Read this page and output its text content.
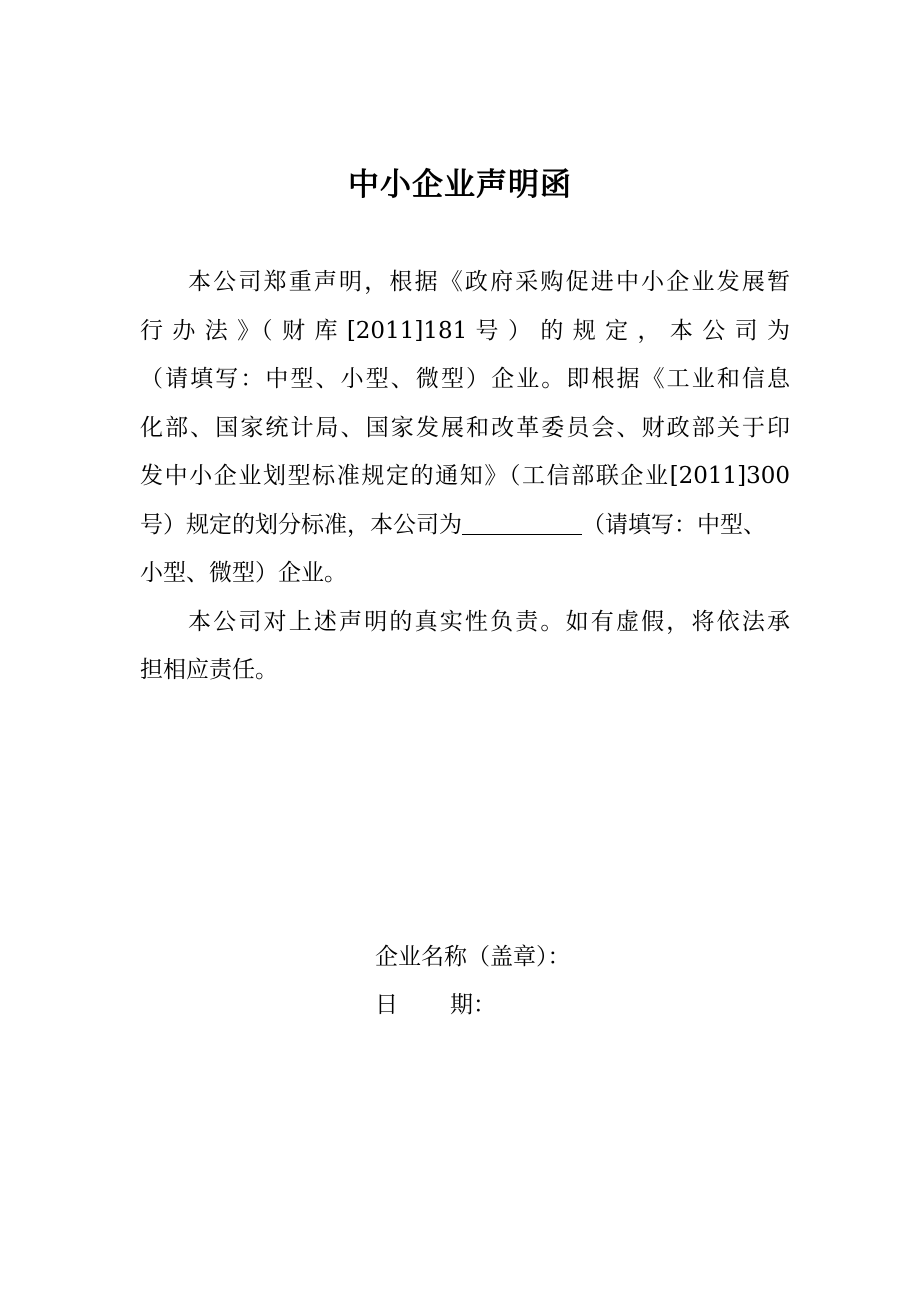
中小企业声明函
本公司郑重声明，根据《政府采购促进中小企业发展暂
行 办 法 》（ 财 库 [2011]181 号 ） 的 规 定 ， 本 公 司 为
（请填写：中型、小型、微型）企业。即根据《工业和信息
化部、国家统计局、国家发展和改革委员会、财政部关于印
发中小企业划型标准规定的通知》（工信部联企业[2011]300
号）规定的划分标准，本公司为	（请填写：中型、
小型、微型）企业。
本公司对上述声明的真实性负责。如有虚假，将依法承
担相应责任。
企业名称（盖章）：
日 期：
